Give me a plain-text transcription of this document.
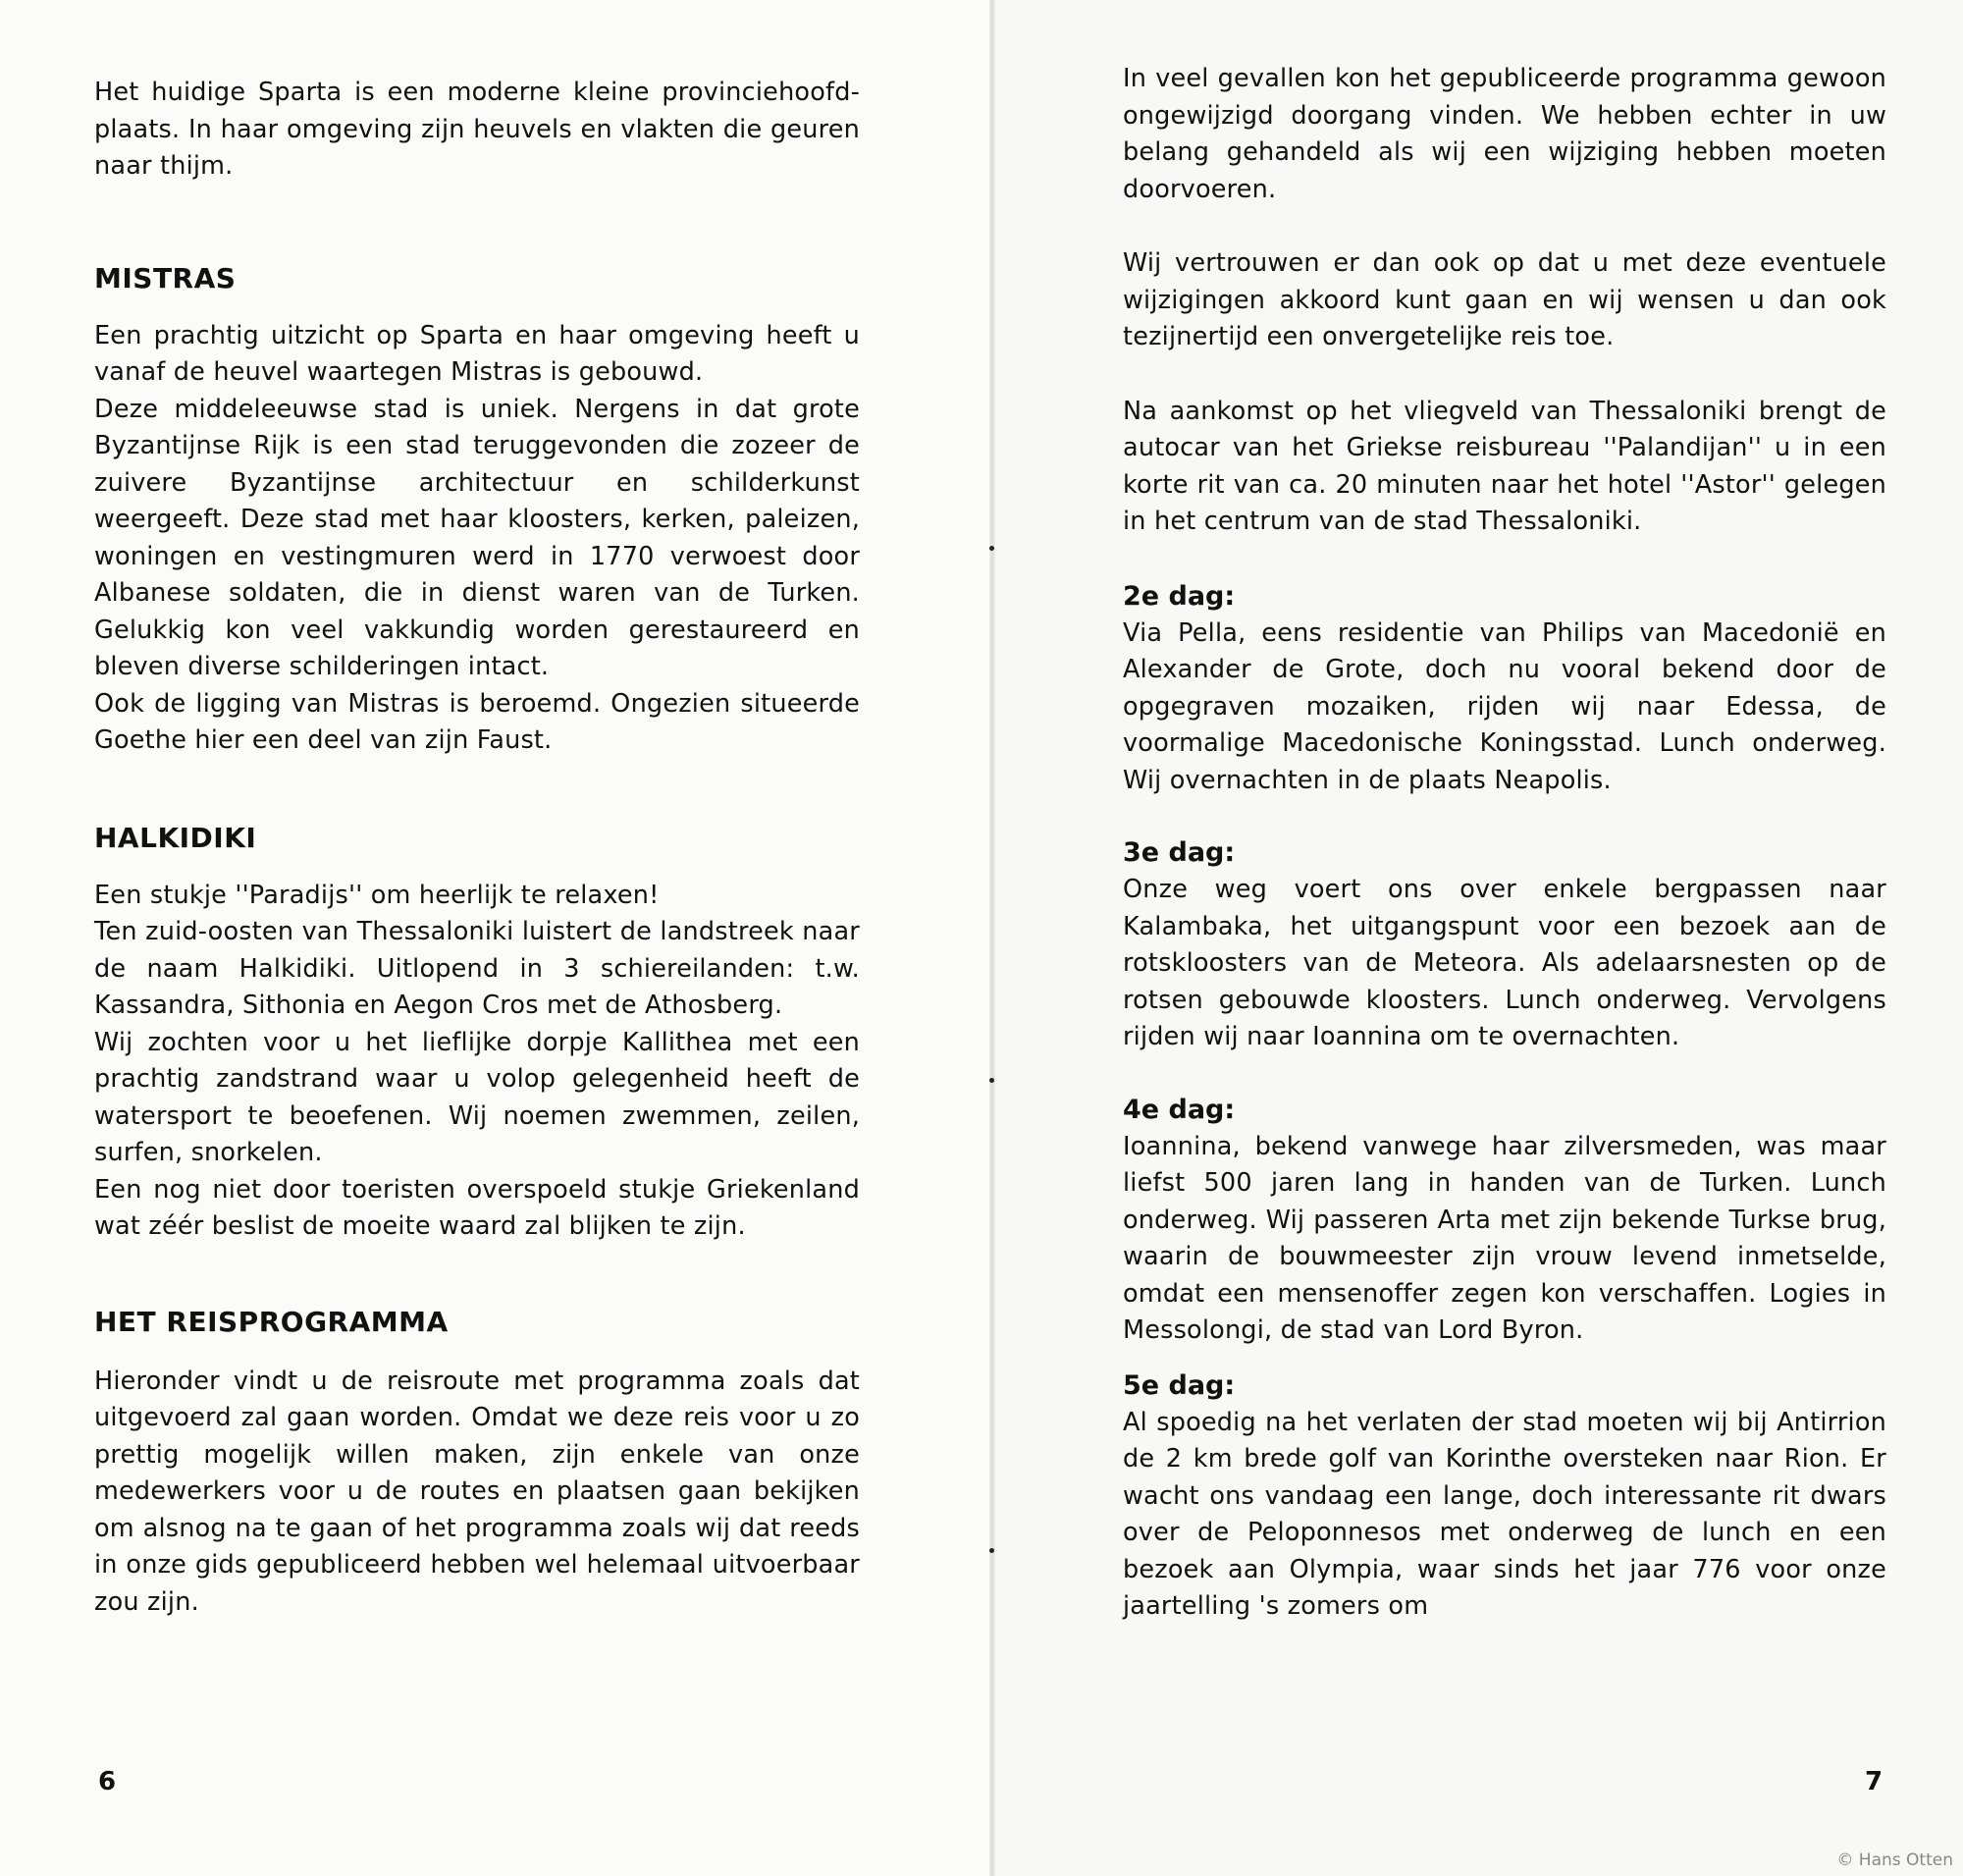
Het huidige Sparta is een moderne kleine provinciehoofd-plaats. In haar omgeving zijn heuvels en vlakten die geuren naar thijm.

MISTRAS

Een prachtig uitzicht op Sparta en haar omgeving heeft u vanaf de heuvel waartegen Mistras is gebouwd.

Deze middeleeuwse stad is uniek. Nergens in dat grote Byzantijnse Rijk is een stad teruggevonden die zozeer de zuivere Byzantijnse architectuur en schilderkunst weergeeft. Deze stad met haar kloosters, kerken, paleizen, woningen en vestingmuren werd in 1770 verwoest door Albanese soldaten, die in dienst waren van de Turken. Gelukkig kon veel vakkundig worden gerestaureerd en bleven diverse schilderingen intact.

Ook de ligging van Mistras is beroemd. Ongezien situeerde Goethe hier een deel van zijn Faust.

HALKIDIKI

Een stukje ''Paradijs'' om heerlijk te relaxen!

Ten zuid-oosten van Thessaloniki luistert de landstreek naar de naam Halkidiki. Uitlopend in 3 schiereilanden: t.w. Kassandra, Sithonia en Aegon Cros met de Athosberg.

Wij zochten voor u het lieflijke dorpje Kallithea met een prachtig zandstrand waar u volop gelegenheid heeft de watersport te beoefenen. Wij noemen zwemmen, zeilen, surfen, snorkelen.

Een nog niet door toeristen overspoeld stukje Griekenland wat zéér beslist de moeite waard zal blijken te zijn.

HET REISPROGRAMMA

Hieronder vindt u de reisroute met programma zoals dat uitgevoerd zal gaan worden. Omdat we deze reis voor u zo prettig mogelijk willen maken, zijn enkele van onze medewerkers voor u de routes en plaatsen gaan bekijken om alsnog na te gaan of het programma zoals wij dat reeds in onze gids gepubliceerd hebben wel helemaal uitvoerbaar zou zijn.

In veel gevallen kon het gepubliceerde programma gewoon ongewijzigd doorgang vinden. We hebben echter in uw belang gehandeld als wij een wijziging hebben moeten doorvoeren.

Wij vertrouwen er dan ook op dat u met deze eventuele wijzigingen akkoord kunt gaan en wij wensen u dan ook tezijnertijd een onvergetelijke reis toe.

Na aankomst op het vliegveld van Thessaloniki brengt de autocar van het Griekse reisbureau ''Palandijan'' u in een korte rit van ca. 20 minuten naar het hotel ''Astor'' gelegen in het centrum van de stad Thessaloniki.

2e dag:

Via Pella, eens residentie van Philips van Macedonië en Alexander de Grote, doch nu vooral bekend door de opgegraven mozaiken, rijden wij naar Edessa, de voormalige Macedonische Koningsstad. Lunch onderweg. Wij overnachten in de plaats Neapolis.

3e dag:

Onze weg voert ons over enkele bergpassen naar Kalambaka, het uitgangspunt voor een bezoek aan de rotskloosters van de Meteora. Als adelaarsnesten op de rotsen gebouwde kloosters. Lunch onderweg. Vervolgens rijden wij naar Ioannina om te overnachten.

4e dag:

Ioannina, bekend vanwege haar zilversmeden, was maar liefst 500 jaren lang in handen van de Turken. Lunch onderweg. Wij passeren Arta met zijn bekende Turkse brug, waarin de bouwmeester zijn vrouw levend inmetselde, omdat een mensenoffer zegen kon verschaffen. Logies in Messolongi, de stad van Lord Byron.

5e dag:

Al spoedig na het verlaten der stad moeten wij bij Antirrion de 2 km brede golf van Korinthe oversteken naar Rion. Er wacht ons vandaag een lange, doch interessante rit dwars over de Peloponnesos met onderweg de lunch en een bezoek aan Olympia, waar sinds het jaar 776 voor onze jaartelling 's zomers om

6	7
© Hans Otten
